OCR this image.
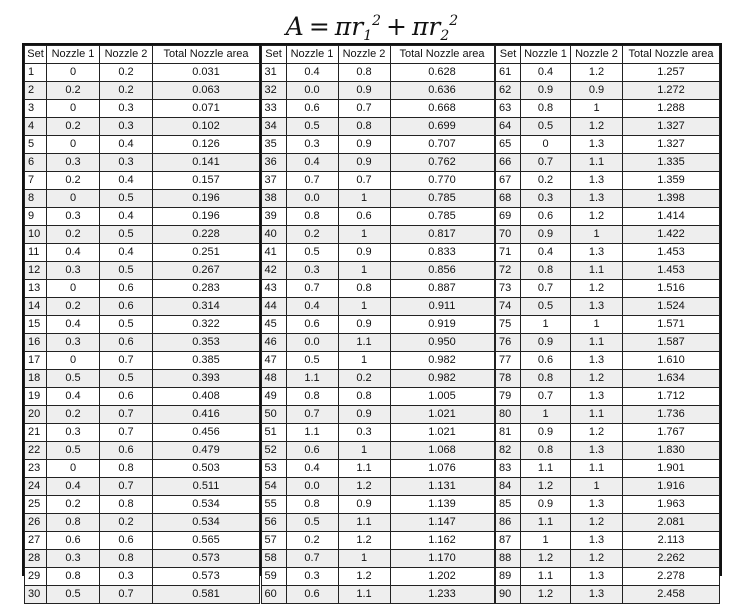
$A = \pi r_1^2 + \pi r_2^2$
Set	Nozzle 1	Nozzle 2	Total Nozzle area
1	0	0.2	0.031
2	0.2	0.2	0.063
3	0	0.3	0.071
4	0.2	0.3	0.102
5	0	0.4	0.126
6	0.3	0.3	0.141
7	0.2	0.4	0.157
8	0	0.5	0.196
9	0.3	0.4	0.196
10	0.2	0.5	0.228
11	0.4	0.4	0.251
12	0.3	0.5	0.267
13	0	0.6	0.283
14	0.2	0.6	0.314
15	0.4	0.5	0.322
16	0.3	0.6	0.353
17	0	0.7	0.385
18	0.5	0.5	0.393
19	0.4	0.6	0.408
20	0.2	0.7	0.416
21	0.3	0.7	0.456
22	0.5	0.6	0.479
23	0	0.8	0.503
24	0.4	0.7	0.511
25	0.2	0.8	0.534
26	0.8	0.2	0.534
27	0.6	0.6	0.565
28	0.3	0.8	0.573
29	0.8	0.3	0.573
30	0.5	0.7	0.581
Set	Nozzle 1	Nozzle 2	Total Nozzle area
31	0.4	0.8	0.628
32	0.0	0.9	0.636
33	0.6	0.7	0.668
34	0.5	0.8	0.699
35	0.3	0.9	0.707
36	0.4	0.9	0.762
37	0.7	0.7	0.770
38	0.0	1	0.785
39	0.8	0.6	0.785
40	0.2	1	0.817
41	0.5	0.9	0.833
42	0.3	1	0.856
43	0.7	0.8	0.887
44	0.4	1	0.911
45	0.6	0.9	0.919
46	0.0	1.1	0.950
47	0.5	1	0.982
48	1.1	0.2	0.982
49	0.8	0.8	1.005
50	0.7	0.9	1.021
51	1.1	0.3	1.021
52	0.6	1	1.068
53	0.4	1.1	1.076
54	0.0	1.2	1.131
55	0.8	0.9	1.139
56	0.5	1.1	1.147
57	0.2	1.2	1.162
58	0.7	1	1.170
59	0.3	1.2	1.202
60	0.6	1.1	1.233
Set	Nozzle 1	Nozzle 2	Total Nozzle area
61	0.4	1.2	1.257
62	0.9	0.9	1.272
63	0.8	1	1.288
64	0.5	1.2	1.327
65	0	1.3	1.327
66	0.7	1.1	1.335
67	0.2	1.3	1.359
68	0.3	1.3	1.398
69	0.6	1.2	1.414
70	0.9	1	1.422
71	0.4	1.3	1.453
72	0.8	1.1	1.453
73	0.7	1.2	1.516
74	0.5	1.3	1.524
75	1	1	1.571
76	0.9	1.1	1.587
77	0.6	1.3	1.610
78	0.8	1.2	1.634
79	0.7	1.3	1.712
80	1	1.1	1.736
81	0.9	1.2	1.767
82	0.8	1.3	1.830
83	1.1	1.1	1.901
84	1.2	1	1.916
85	0.9	1.3	1.963
86	1.1	1.2	2.081
87	1	1.3	2.113
88	1.2	1.2	2.262
89	1.1	1.3	2.278
90	1.2	1.3	2.458
